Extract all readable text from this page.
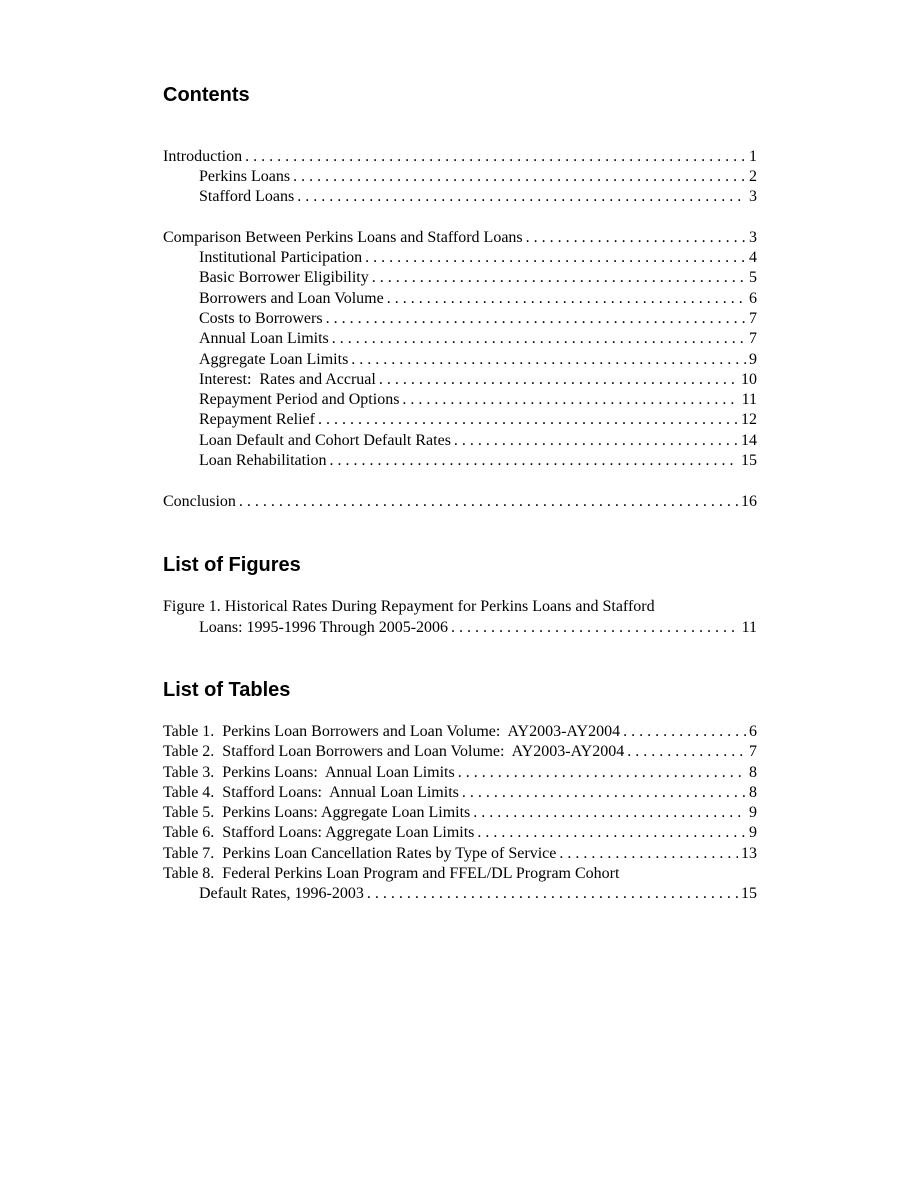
Contents
Introduction . . .	1
Perkins Loans . . .	2
Stafford Loans . . .	3
Comparison Between Perkins Loans and Stafford Loans . . .	3
Institutional Participation . . .	4
Basic Borrower Eligibility . . .	5
Borrowers and Loan Volume . . .	6
Costs to Borrowers . . .	7
Annual Loan Limits . . .	7
Aggregate Loan Limits . . .	9
Interest:  Rates and Accrual . . .	10
Repayment Period and Options . . .	11
Repayment Relief . . .	12
Loan Default and Cohort Default Rates . . .	14
Loan Rehabilitation . . .	15
Conclusion . . .	16
List of Figures
Figure 1. Historical Rates During Repayment for Perkins Loans and Stafford
Loans: 1995-1996 Through 2005-2006 . . .	11
List of Tables
Table 1.  Perkins Loan Borrowers and Loan Volume:  AY2003-AY2004 . . .	6
Table 2.  Stafford Loan Borrowers and Loan Volume:  AY2003-AY2004 . . .	7
Table 3.  Perkins Loans:  Annual Loan Limits . . .	8
Table 4.  Stafford Loans:  Annual Loan Limits . . .	8
Table 5.  Perkins Loans: Aggregate Loan Limits . . .	9
Table 6.  Stafford Loans: Aggregate Loan Limits . . .	9
Table 7.  Perkins Loan Cancellation Rates by Type of Service . . .	13
Table 8.  Federal Perkins Loan Program and FFEL/DL Program Cohort
Default Rates, 1996-2003 . . .	15
